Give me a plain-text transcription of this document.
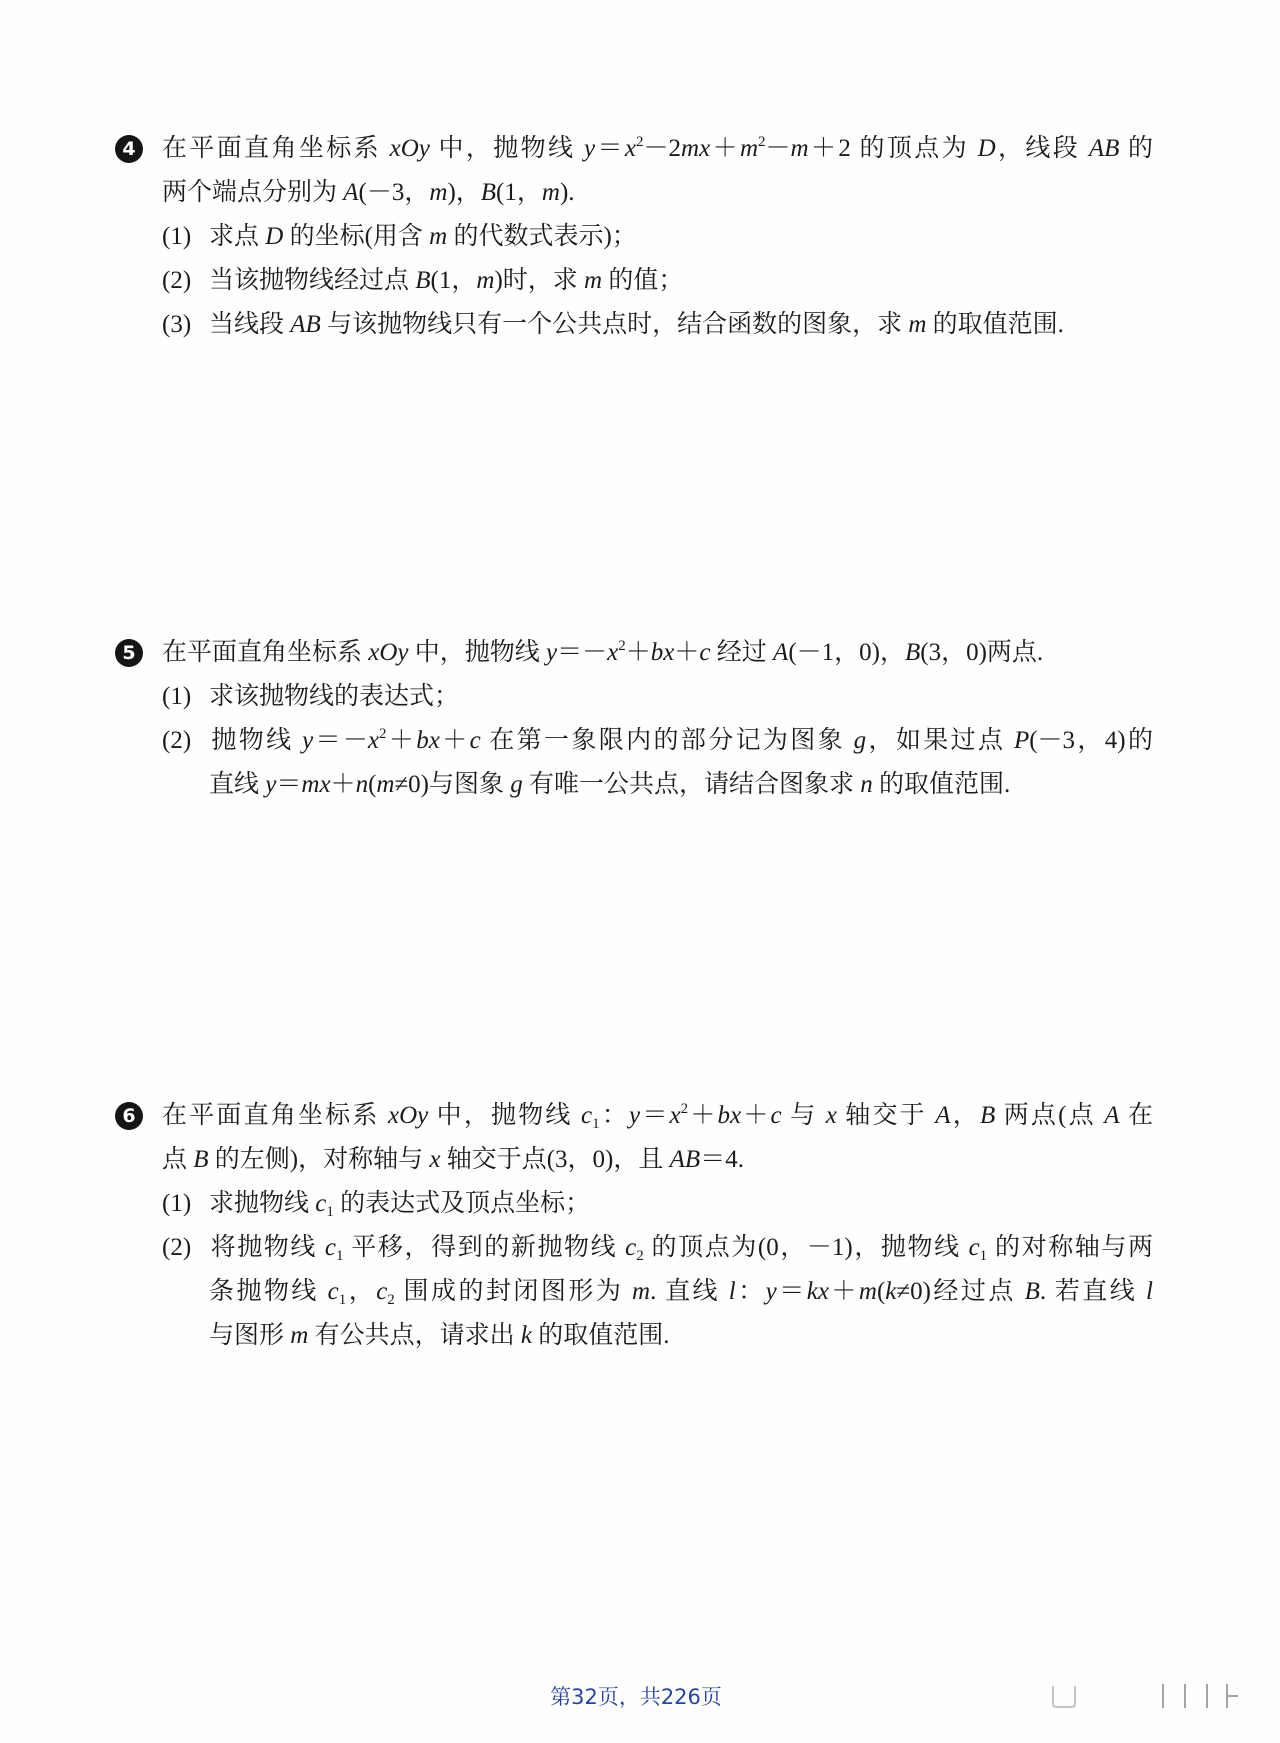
4 在平面直角坐标系 xOy 中，抛物线 $y=x^2-2mx+m^2-m+2$ 的顶点为 D，线段 AB 的
两个端点分别为 A(－3，m)，B(1，m).
(1) 求点 D 的坐标(用含 m 的代数式表示)；
(2) 当该抛物线经过点 B(1，m)时，求 m 的值；
(3) 当线段 AB 与该抛物线只有一个公共点时，结合函数的图象，求 m 的取值范围.
5 在平面直角坐标系 xOy 中，抛物线 $y=-x^2+bx+c$ 经过 A(－1，0)，B(3，0)两点.
(1) 求该抛物线的表达式；
(2) 抛物线 $y=-x^2+bx+c$ 在第一象限内的部分记为图象 g，如果过点 P(－3，4)的
直线 y＝mx＋n(m≠0)与图象 g 有唯一公共点，请结合图象求 n 的取值范围.
6 在平面直角坐标系 xOy 中，抛物线 $c_1$：$y=x^2+bx+c$ 与 x 轴交于 A，B 两点(点 A 在
点 B 的左侧)，对称轴与 x 轴交于点(3，0)，且 AB＝4.
(1) 求抛物线 $c_1$ 的表达式及顶点坐标；
(2) 将抛物线 $c_1$ 平移，得到的新抛物线 $c_2$ 的顶点为(0，－1)，抛物线 $c_1$ 的对称轴与两
条抛物线 $c_1$，$c_2$ 围成的封闭图形为 m. 直线 l：y＝kx＋m(k≠0)经过点 B. 若直线 l
与图形 m 有公共点，请求出 k 的取值范围.
第32页，共226页
